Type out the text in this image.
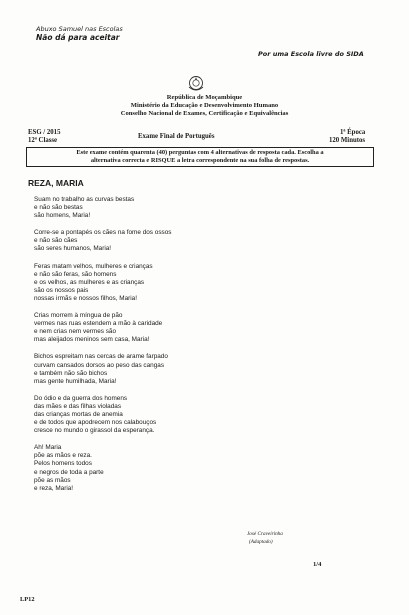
Abuxo Samuel nas Escolas
Não dá para aceitar
Por uma Escola livre do SIDA
República de Moçambique
Ministério da Educação e Desenvolvimento Humano
Conselho Nacional de Exames, Certificação e Equivalências
ESG / 2015
12ª Classe
Exame Final de Português
1ª Época
120 Minutos
Este exame contém quarenta (40) perguntas com 4 alternativas de resposta cada. Escolha a
alternativa correcta e RISQUE a letra correspondente na sua folha de respostas.
REZA, MARIA
Suam no trabalho as curvas bestas
e não são bestas
são homens, Maria!
Corre-se a pontapés os cães na fome dos ossos
e não são cães
são seres humanos, Maria!
Feras matam velhos, mulheres e crianças
e não são feras, são homens
e os velhos, as mulheres e as crianças
são os nossos pais
nossas irmãs e nossos filhos, Maria!
Crias morrem à míngua de pão
vermes nas ruas estendem a mão à caridade
e nem crias nem vermes são
mas aleijados meninos sem casa, Maria!
Bichos espreitam nas cercas de arame farpado
curvam cansados dorsos ao peso das cangas
e também não são bichos
mas gente humilhada, Maria!
Do ódio e da guerra dos homens
das mães e das filhas violadas
das crianças mortas de anemia
e de todos que apodrecem nos calabouços
cresce no mundo o girassol da esperança.
Ah! Maria
põe as mãos e reza.
Pelos homens todos
e negros de toda a parte
põe as mãos
e reza, Maria!
José Craveirinha
(Adaptado)
1/4
LP12
